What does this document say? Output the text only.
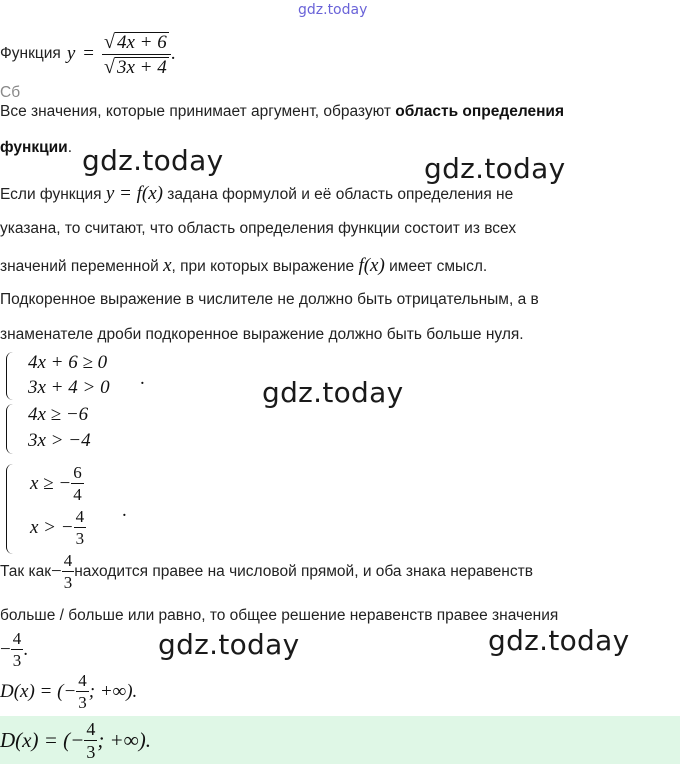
gdz.today
gdz.today	gdz.today
gdz.today
gdz.today	gdz.today
Функция $y = \frac{√ 4x + 6}{√ 3x + 4}$ .
Сб
Все значения, которые принимает аргумент, образуют область определения
функции.
Если функция y = f(x) задана формулой и её область определения не
указана, то считают, что область определения функции состоит из всех
значений переменной x, при которых выражение f(x) имеет смысл.
Подкоренное выражение в числителе не должно быть отрицательным, а в
знаменателе дроби подкоренное выражение должно быть больше нуля.
4x + 6 ≥ 0
3x + 4 > 0 .
4x ≥ −6
3x > −4
x ≥ − $\frac{6}{4}$
x > − $\frac{4}{3}$ .
Так как − $\frac{4}{3}$ находится правее на числовой прямой, и оба знака неравенств
больше / больше или равно, то общее решение неравенств правее значения
− $\frac{4}{3}$ .
D(x) = (− $\frac{4}{3}$ ; +∞).
D(x) = (− $\frac{4}{3}$ ; +∞).
